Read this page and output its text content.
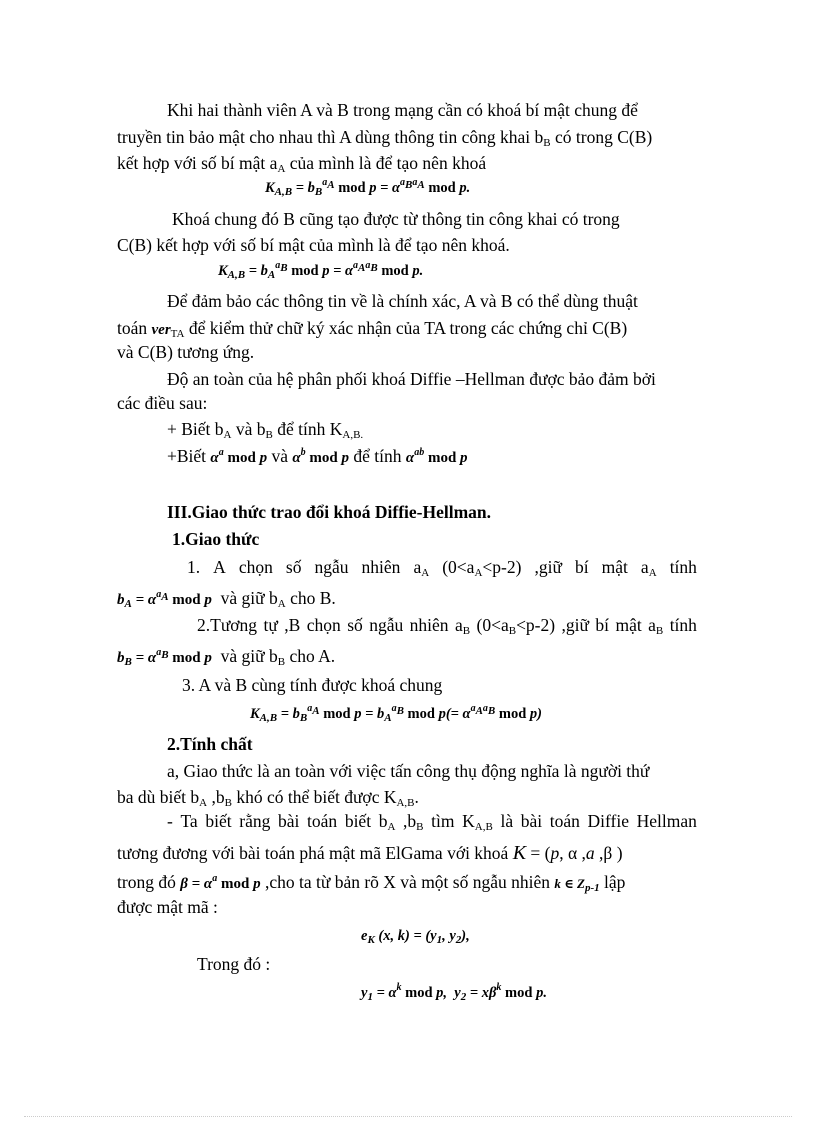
Khi hai thành viên A và B trong mạng cần có khoá bí mật chung để
truyền tin bảo mật cho nhau thì A dùng thông tin công khai $b_B$ có trong C(B)
kết hợp với số bí mật $a_A$ của mình là để tạo nên khoá
$K_{A,B} = b_B^{a_A}$ mod $p = \alpha^{a_Ba_A}$ mod p.
Khoá chung đó B cũng tạo được từ thông tin công khai có trong
C(B) kết hợp với số bí mật của mình là để tạo nên khoá.
$K_{A,B} = b_A^{a_B}$ mod $p = \alpha^{a_Aa_B}$ mod p.
Để đảm bảo các thông tin về là chính xác, A và B có thể dùng thuật
toán ver$_{TA}$ để kiểm thử chữ ký xác nhận của TA trong các chứng chỉ C(B)
và C(B) tương ứng.
Độ an toàn của hệ phân phối khoá Diffie –Hellman được bảo đảm bởi
các điều sau:
+ Biết $b_A$ và $b_B$ để tính $K_{A,B.}$
+Biết $\alpha^a$ mod p và $\alpha^b$ mod p để tính $\alpha^{ab}$ mod p
III.Giao thức trao đổi khoá Diffie-Hellman.
1.Giao thức
1. A chọn số ngẫu nhiên $a_A$ $(0<a_A<p-2)$ ,giữ bí mật $a_A$ tính
$b_A = \alpha^{a_A}$ mod p  và giữ $b_A$ cho B.
2.Tương tự ,B chọn số ngẫu nhiên $a_B$ $(0<a_B<p-2)$ ,giữ bí mật $a_B$ tính
$b_B = \alpha^{a_B}$ mod p  và giữ $b_B$ cho A.
3. A và B cùng tính được khoá chung
$K_{A,B} = b_B^{a_A}$ mod $p = b_A^{a_B}$ mod $p(= \alpha^{a_Aa_B}$ mod p)
2.Tính chất
a, Giao thức là an toàn với việc tấn công thụ động nghĩa là người thứ
ba dù biết $b_A$ $,b_B$ khó có thể biết được $K_{A,B}$.
- Ta biết rằng bài toán biết $b_A$ $,b_B$ tìm $K_{A,B}$ là bài toán Diffie Hellman
tương đương với bài toán phá mật mã ElGama với khoá K = (p, α ,a ,β )
trong đó $\beta = \alpha^a$ mod p ,cho ta từ bản rõ X và một số ngẫu nhiên k ∈ $Z_{p-1}$ lập
được mật mã :
$e_K$ (x, $k) = (y_1$, $y_2$),
Trong đó :
$y_1 = \alpha^k$ mod p,  $y_2 = x\beta^k$ mod p.
